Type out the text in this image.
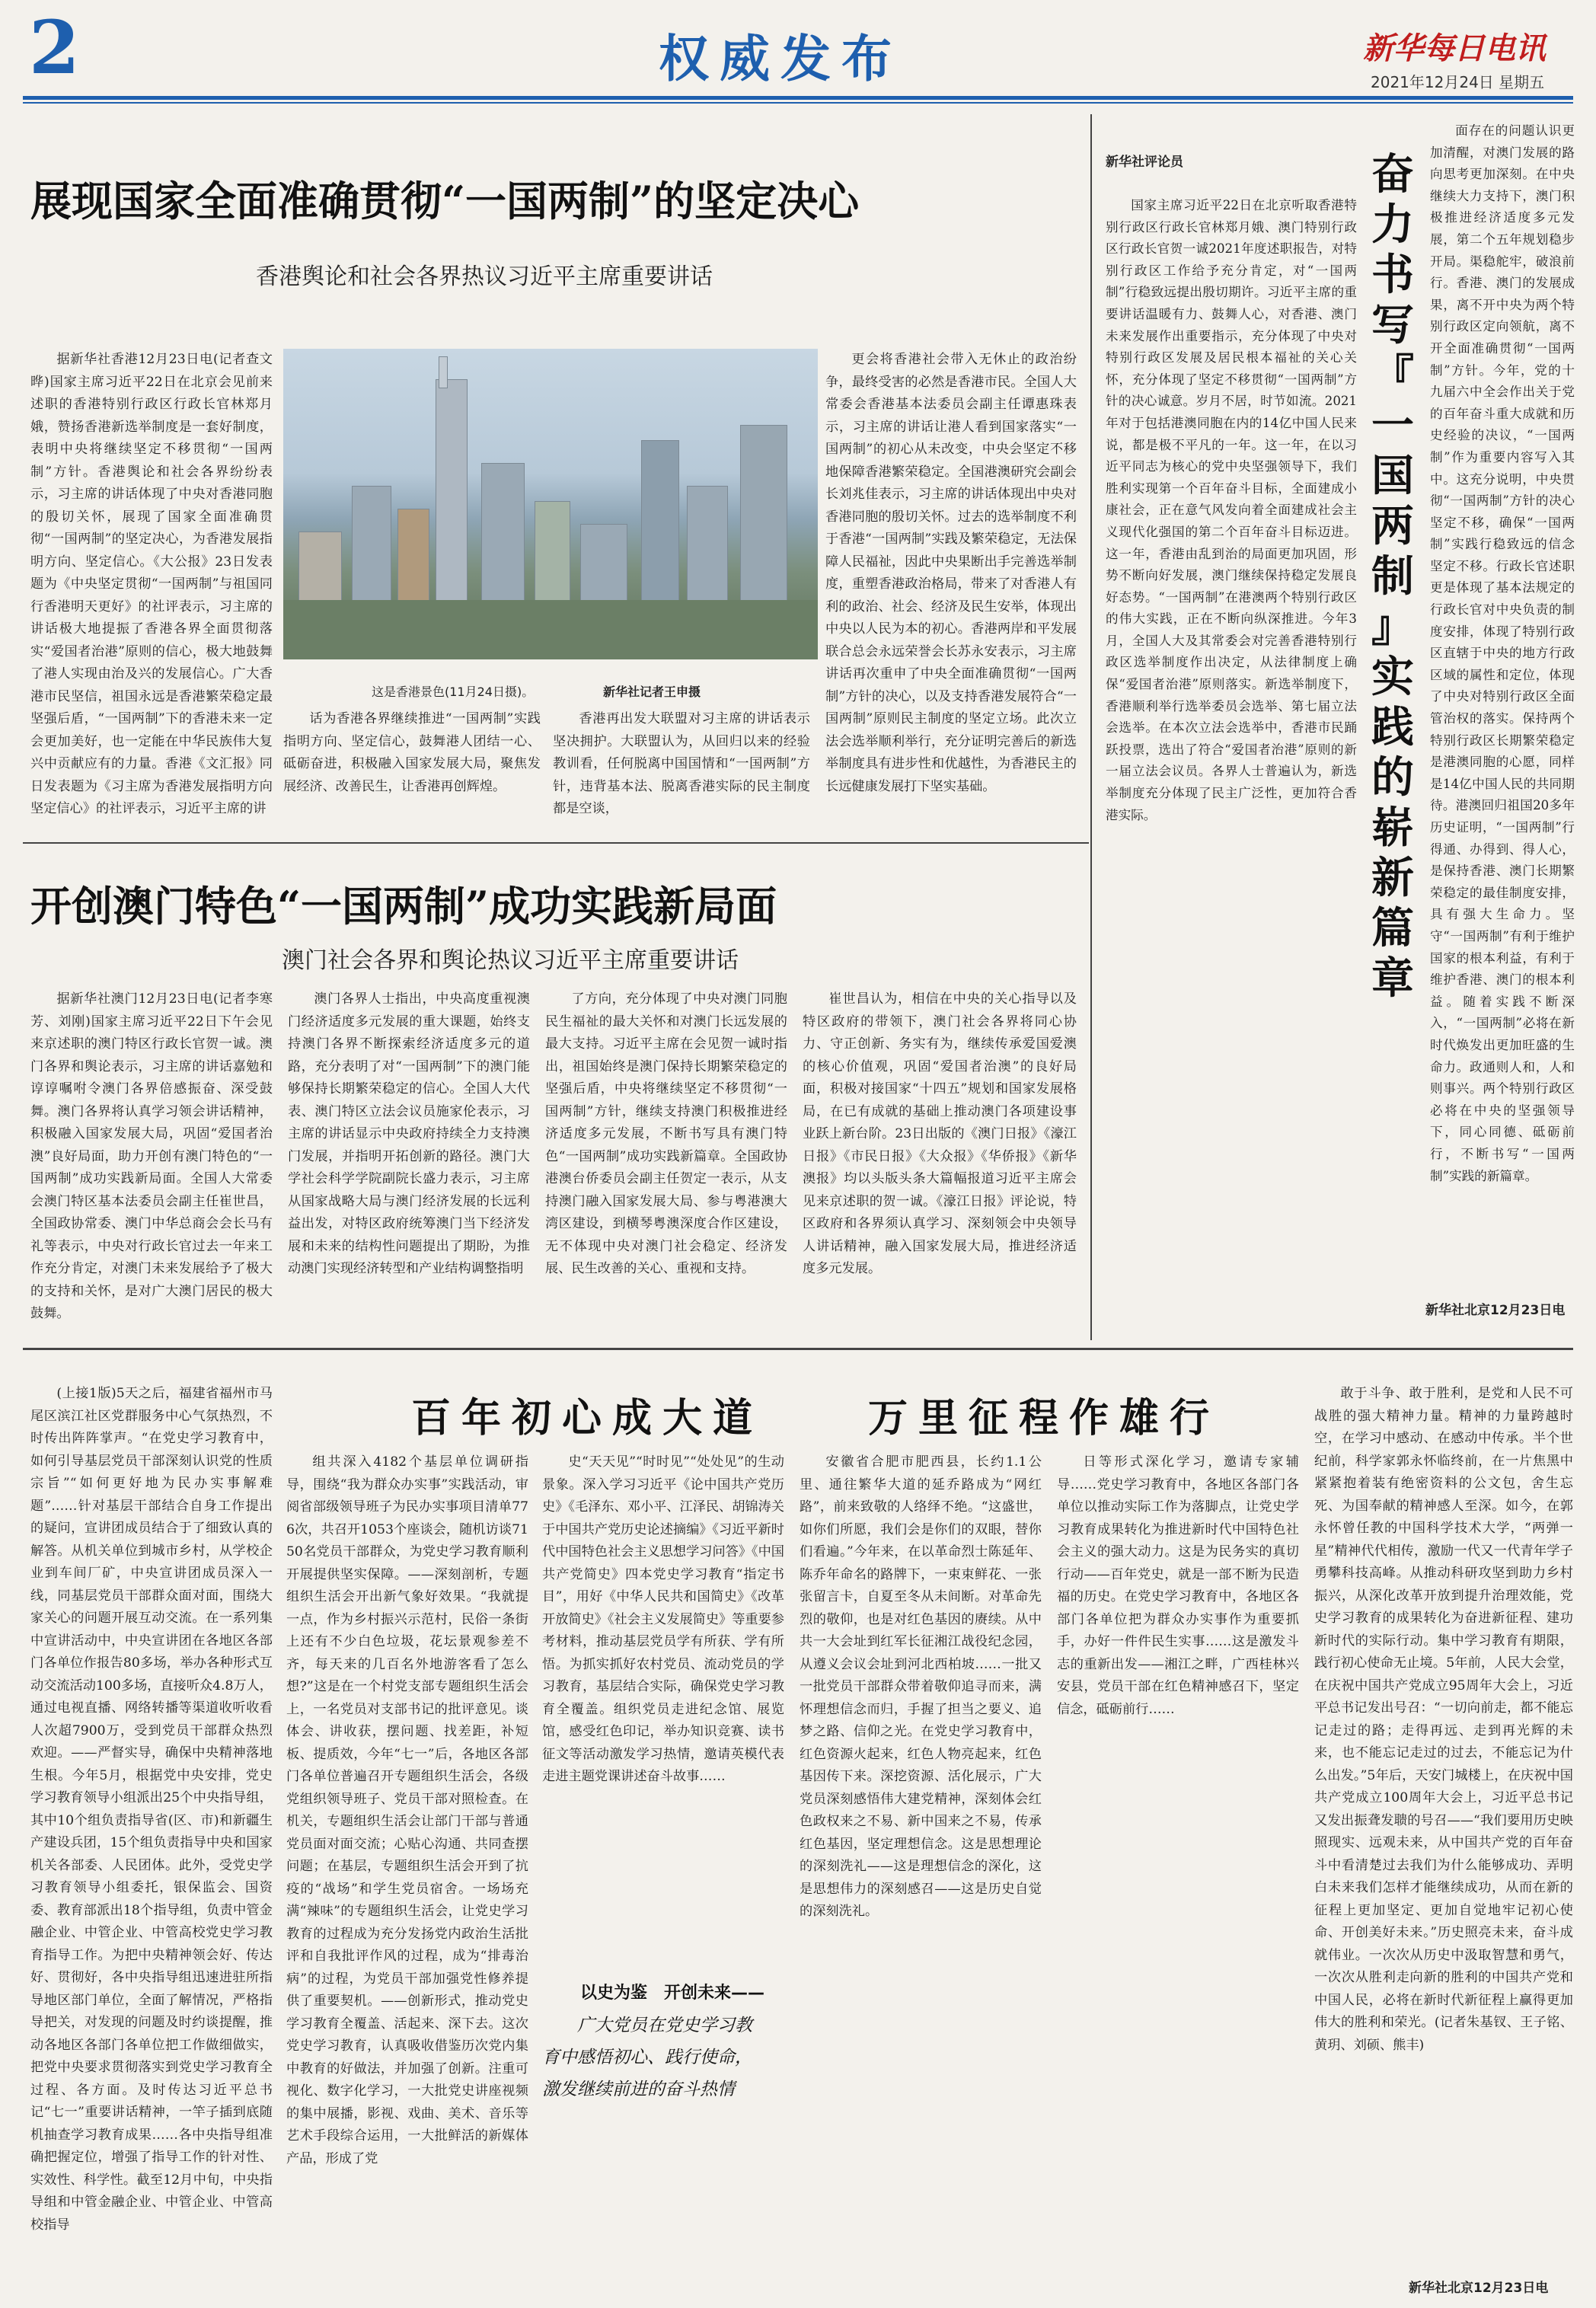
2	权威发布	新华每日电讯
2021年12月24日 星期五
展现国家全面准确贯彻“一国两制”的坚定决心
香港舆论和社会各界热议习近平主席重要讲话
据新华社香港12月23日电(记者查文晔)国家主席习近平22日在北京会见前来述职的香港特别行政区行政长官林郑月娥，赞扬香港新选举制度是一套好制度，表明中央将继续坚定不移贯彻“一国两制”方针。香港舆论和社会各界纷纷表示，习主席的讲话体现了中央对香港同胞的殷切关怀，展现了国家全面准确贯彻“一国两制”的坚定决心，为香港发展指明方向、坚定信心。《大公报》23日发表题为《中央坚定贯彻“一国两制”与祖国同行香港明天更好》的社评表示，习主席的讲话极大地提振了香港各界全面贯彻落实“爱国者治港”原则的信心，极大地鼓舞了港人实现由治及兴的发展信心。广大香港市民坚信，祖国永远是香港繁荣稳定最坚强后盾，“一国两制”下的香港未来一定会更加美好，也一定能在中华民族伟大复兴中贡献应有的力量。香港《文汇报》同日发表题为《习主席为香港发展指明方向坚定信心》的社评表示，习近平主席的讲
这是香港景色(11月24日摄)。	新华社记者王申摄
话为香港各界继续推进“一国两制”实践指明方向、坚定信心，鼓舞港人团结一心、砥砺奋进，积极融入国家发展大局，聚焦发展经济、改善民生，让香港再创辉煌。
香港再出发大联盟对习主席的讲话表示坚决拥护。大联盟认为，从回归以来的经验教训看，任何脱离中国国情和“一国两制”方针，违背基本法、脱离香港实际的民主制度都是空谈，
更会将香港社会带入无休止的政治纷争，最终受害的必然是香港市民。全国人大常委会香港基本法委员会副主任谭惠珠表示，习主席的讲话让港人看到国家落实“一国两制”的初心从未改变，中央会坚定不移地保障香港繁荣稳定。全国港澳研究会副会长刘兆佳表示，习主席的讲话体现出中央对香港同胞的殷切关怀。过去的选举制度不利于香港“一国两制”实践及繁荣稳定，无法保障人民福祉，因此中央果断出手完善选举制度，重塑香港政治格局，带来了对香港人有利的政治、社会、经济及民生安举，体现出中央以人民为本的初心。香港两岸和平发展联合总会永远荣誉会长苏永安表示，习主席讲话再次重申了中央全面准确贯彻“一国两制”方针的决心，以及支持香港发展符合“一国两制”原则民主制度的坚定立场。此次立法会选举顺利举行，充分证明完善后的新选举制度具有进步性和优越性，为香港民主的长远健康发展打下坚实基础。
开创澳门特色“一国两制”成功实践新局面
澳门社会各界和舆论热议习近平主席重要讲话
据新华社澳门12月23日电(记者李寒芳、刘刚)国家主席习近平22日下午会见来京述职的澳门特区行政长官贺一诚。澳门各界和舆论表示，习主席的讲话嘉勉和谆谆嘱咐令澳门各界倍感振奋、深受鼓舞。澳门各界将认真学习领会讲话精神，积极融入国家发展大局，巩固“爱国者治澳”良好局面，助力开创有澳门特色的“一国两制”成功实践新局面。全国人大常委会澳门特区基本法委员会副主任崔世昌，全国政协常委、澳门中华总商会会长马有礼等表示，中央对行政长官过去一年来工作充分肯定，对澳门未来发展给予了极大的支持和关怀，是对广大澳门居民的极大鼓舞。
澳门各界人士指出，中央高度重视澳门经济适度多元发展的重大课题，始终支持澳门各界不断探索经济适度多元的道路，充分表明了对“一国两制”下的澳门能够保持长期繁荣稳定的信心。全国人大代表、澳门特区立法会议员施家伦表示，习主席的讲话显示中央政府持续全力支持澳门发展，并指明开拓创新的路径。澳门大学社会科学学院副院长盛力表示，习主席从国家战略大局与澳门经济发展的长远利益出发，对特区政府统筹澳门当下经济发展和未来的结构性问题提出了期盼，为推动澳门实现经济转型和产业结构调整指明
了方向，充分体现了中央对澳门同胞民生福祉的最大关怀和对澳门长远发展的最大支持。习近平主席在会见贺一诚时指出，祖国始终是澳门保持长期繁荣稳定的坚强后盾，中央将继续坚定不移贯彻“一国两制”方针，继续支持澳门积极推进经济适度多元发展，不断书写具有澳门特色“一国两制”成功实践新篇章。全国政协港澳台侨委员会副主任贺定一表示，从支持澳门融入国家发展大局、参与粤港澳大湾区建设，到横琴粤澳深度合作区建设，无不体现中央对澳门社会稳定、经济发展、民生改善的关心、重视和支持。
崔世昌认为，相信在中央的关心指导以及特区政府的带领下，澳门社会各界将同心协力、守正创新、务实有为，继续传承爱国爱澳的核心价值观，巩固“爱国者治澳”的良好局面，积极对接国家“十四五”规划和国家发展格局，在已有成就的基础上推动澳门各项建设事业跃上新台阶。23日出版的《澳门日报》《濠江日报》《市民日报》《大众报》《华侨报》《新华澳报》均以头版头条大篇幅报道习近平主席会见来京述职的贺一诚。《濠江日报》评论说，特区政府和各界须认真学习、深刻领会中央领导人讲话精神，融入国家发展大局，推进经济适度多元发展。
新华社评论员
国家主席习近平22日在北京听取香港特别行政区行政长官林郑月娥、澳门特别行政区行政长官贺一诚2021年度述职报告，对特别行政区工作给予充分肯定，对“一国两制”行稳致远提出殷切期许。习近平主席的重要讲话温暖有力、鼓舞人心，对香港、澳门未来发展作出重要指示，充分体现了中央对特别行政区发展及居民根本福祉的关心关怀，充分体现了坚定不移贯彻“一国两制”方针的决心诚意。岁月不居，时节如流。2021年对于包括港澳同胞在内的14亿中国人民来说，都是极不平凡的一年。这一年，在以习近平同志为核心的党中央坚强领导下，我们胜利实现第一个百年奋斗目标，全面建成小康社会，正在意气风发向着全面建成社会主义现代化强国的第二个百年奋斗目标迈进。这一年，香港由乱到治的局面更加巩固，形势不断向好发展，澳门继续保持稳定发展良好态势。“一国两制”在港澳两个特别行政区的伟大实践，正在不断向纵深推进。今年3月，全国人大及其常委会对完善香港特别行政区选举制度作出决定，从法律制度上确保“爱国者治港”原则落实。新选举制度下，香港顺利举行选举委员会选举、第七届立法会选举。在本次立法会选举中，香港市民踊跃投票，选出了符合“爱国者治港”原则的新一届立法会议员。各界人士普遍认为，新选举制度充分体现了民主广泛性，更加符合香港实际。
奋
力
书
写
『
一
国
两
制
』
实
践
的
崭
新
篇
章
面存在的问题认识更加清醒，对澳门发展的路向思考更加深刻。在中央继续大力支持下，澳门积极推进经济适度多元发展，第二个五年规划稳步开局。渠稳舵牢，破浪前行。香港、澳门的发展成果，离不开中央为两个特别行政区定向领航，离不开全面准确贯彻“一国两制”方针。今年，党的十九届六中全会作出关于党的百年奋斗重大成就和历史经验的决议，“一国两制”作为重要内容写入其中。这充分说明，中央贯彻“一国两制”方针的决心坚定不移，确保“一国两制”实践行稳致远的信念坚定不移。行政长官述职更是体现了基本法规定的行政长官对中央负责的制度安排，体现了特别行政区直辖于中央的地方行政区域的属性和定位，体现了中央对特别行政区全面管治权的落实。保持两个特别行政区长期繁荣稳定是港澳同胞的心愿，同样是14亿中国人民的共同期待。港澳回归祖国20多年历史证明，“一国两制”行得通、办得到、得人心，是保持香港、澳门长期繁荣稳定的最佳制度安排，具有强大生命力。坚守“一国两制”有利于维护国家的根本利益，有利于维护香港、澳门的根本利益。随着实践不断深入，“一国两制”必将在新时代焕发出更加旺盛的生命力。政通则人和，人和则事兴。两个特别行政区必将在中央的坚强领导下，同心同德、砥砺前行，不断书写“一国两制”实践的新篇章。
新华社北京12月23日电
百年初心成大道	万里征程作雄行
(上接1版)5天之后，福建省福州市马尾区滨江社区党群服务中心气氛热烈，不时传出阵阵掌声。“在党史学习教育中，如何引导基层党员干部深刻认识党的性质宗旨”“如何更好地为民办实事解难题”……针对基层干部结合自身工作提出的疑问，宣讲团成员结合于了细致认真的解答。从机关单位到城市乡村，从学校企业到车间厂矿，中央宣讲团成员深入一线，同基层党员干部群众面对面，围绕大家关心的问题开展互动交流。在一系列集中宣讲活动中，中央宣讲团在各地区各部门各单位作报告80多场，举办各种形式互动交流活动100多场，直接听众4.8万人，通过电视直播、网络转播等渠道收听收看人次超7900万，受到党员干部群众热烈欢迎。——严督实导，确保中央精神落地生根。今年5月，根据党中央安排，党史学习教育领导小组派出25个中央指导组，其中10个组负责指导省(区、市)和新疆生产建设兵团，15个组负责指导中央和国家机关各部委、人民团体。此外，受党史学习教育领导小组委托，银保监会、国资委、教育部派出18个指导组，负责中管金融企业、中管企业、中管高校党史学习教育指导工作。为把中央精神领会好、传达好、贯彻好，各中央指导组迅速进驻所指导地区部门单位，全面了解情况，严格指导把关，对发现的问题及时约谈提醒，推动各地区各部门各单位把工作做细做实，把党中央要求贯彻落实到党史学习教育全过程、各方面。及时传达习近平总书记“七一”重要讲话精神，一竿子插到底随机抽查学习教育成果……各中央指导组准确把握定位，增强了指导工作的针对性、实效性、科学性。截至12月中旬，中央指导组和中管金融企业、中管企业、中管高校指导
组共深入4182个基层单位调研指导，围绕“我为群众办实事”实践活动，审阅省部级领导班子为民办实事项目清单776次，共召开1053个座谈会，随机访谈7150名党员干部群众，为党史学习教育顺利开展提供坚实保障。——深刻剖析，专题组织生活会开出新气象好效果。“我就提一点，作为乡村振兴示范村，民俗一条街上还有不少白色垃圾，花坛景观参差不齐，每天来的几百名外地游客看了怎么想?”这是在一个村党支部专题组织生活会上，一名党员对支部书记的批评意见。谈体会、讲收获，摆问题、找差距，补短板、提质效，今年“七一”后，各地区各部门各单位普遍召开专题组织生活会，各级党组织领导班子、党员干部对照检查。在机关，专题组织生活会让部门干部与普通党员面对面交流；心贴心沟通、共同查摆问题；在基层，专题组织生活会开到了抗疫的“战场”和学生党员宿舍。一场场充满“辣味”的专题组织生活会，让党史学习教育的过程成为充分发扬党内政治生活批评和自我批评作风的过程，成为“排毒治病”的过程，为党员干部加强党性修养提供了重要契机。——创新形式，推动党史学习教育全覆盖、活起来、深下去。这次党史学习教育，认真吸收借鉴历次党内集中教育的好做法，并加强了创新。注重可视化、数字化学习，一大批党史讲座视频的集中展播，影视、戏曲、美术、音乐等艺术手段综合运用，一大批鲜活的新媒体产品，形成了党
史“天天见”“时时见”“处处见”的生动景象。深入学习习近平《论中国共产党历史》《毛泽东、邓小平、江泽民、胡锦涛关于中国共产党历史论述摘编》《习近平新时代中国特色社会主义思想学习问答》《中国共产党简史》四本党史学习教育“指定书目”，用好《中华人民共和国简史》《改革开放简史》《社会主义发展简史》等重要参考材料，推动基层党员学有所获、学有所悟。为抓实抓好农村党员、流动党员的学习教育，基层结合实际，确保党史学习教育全覆盖。组织党员走进纪念馆、展览馆，感受红色印记，举办知识竞赛、读书征文等活动激发学习热情，邀请英模代表走进主题党课讲述奋斗故事……
以史为鉴　开创未来——
广大党员在党史学习教育中感悟初心、践行使命，激发继续前进的奋斗热情
安徽省合肥市肥西县，长约1.1公里、通往繁华大道的延乔路成为“网红路”，前来致敬的人络绎不绝。“这盛世，如你们所愿，我们会是你们的双眼，替你们看遍。”今年来，在以革命烈士陈延年、陈乔年命名的路牌下，一束束鲜花、一张张留言卡，自夏至冬从未间断。对革命先烈的敬仰，也是对红色基因的赓续。从中共一大会址到红军长征湘江战役纪念园，从遵义会议会址到河北西柏坡……一批又一批党员干部群众带着敬仰追寻而来，满怀理想信念而归，手握了担当之要义、追梦之路、信仰之光。在党史学习教育中，红色资源火起来，红色人物亮起来，红色基因传下来。深挖资源、活化展示，广大党员深刻感悟伟大建党精神，深刻体会红色政权来之不易、新中国来之不易，传承红色基因，坚定理想信念。这是思想理论的深刻洗礼——这是理想信念的深化，这是思想伟力的深刻感召——这是历史自觉的深刻洗礼。
日等形式深化学习，邀请专家辅导……党史学习教育中，各地区各部门各单位以推动实际工作为落脚点，让党史学习教育成果转化为推进新时代中国特色社会主义的强大动力。这是为民务实的真切行动——百年党史，就是一部不断为民造福的历史。在党史学习教育中，各地区各部门各单位把为群众办实事作为重要抓手，办好一件件民生实事……这是激发斗志的重新出发——湘江之畔，广西桂林兴安县，党员干部在红色精神感召下，坚定信念，砥砺前行……
敢于斗争、敢于胜利，是党和人民不可战胜的强大精神力量。精神的力量跨越时空，在学习中感动、在感动中传承。半个世纪前，科学家郭永怀临终前，在一片焦黑中紧紧抱着装有绝密资料的公文包，舍生忘死、为国奉献的精神感人至深。如今，在郭永怀曾任教的中国科学技术大学，“两弹一星”精神代代相传，激励一代又一代青年学子勇攀科技高峰。从推动科研攻坚到助力乡村振兴，从深化改革开放到提升治理效能，党史学习教育的成果转化为奋进新征程、建功新时代的实际行动。集中学习教育有期限，践行初心使命无止境。5年前，人民大会堂，在庆祝中国共产党成立95周年大会上，习近平总书记发出号召：“一切向前走，都不能忘记走过的路；走得再远、走到再光辉的未来，也不能忘记走过的过去，不能忘记为什么出发。”5年后，天安门城楼上，在庆祝中国共产党成立100周年大会上，习近平总书记又发出振聋发聩的号召——“我们要用历史映照现实、远观未来，从中国共产党的百年奋斗中看清楚过去我们为什么能够成功、弄明白未来我们怎样才能继续成功，从而在新的征程上更加坚定、更加自觉地牢记初心使命、开创美好未来。”历史照亮未来，奋斗成就伟业。一次次从历史中汲取智慧和勇气，一次次从胜利走向新的胜利的中国共产党和中国人民，必将在新时代新征程上赢得更加伟大的胜利和荣光。(记者朱基钗、王子铭、黄玥、刘硕、熊丰)
新华社北京12月23日电
